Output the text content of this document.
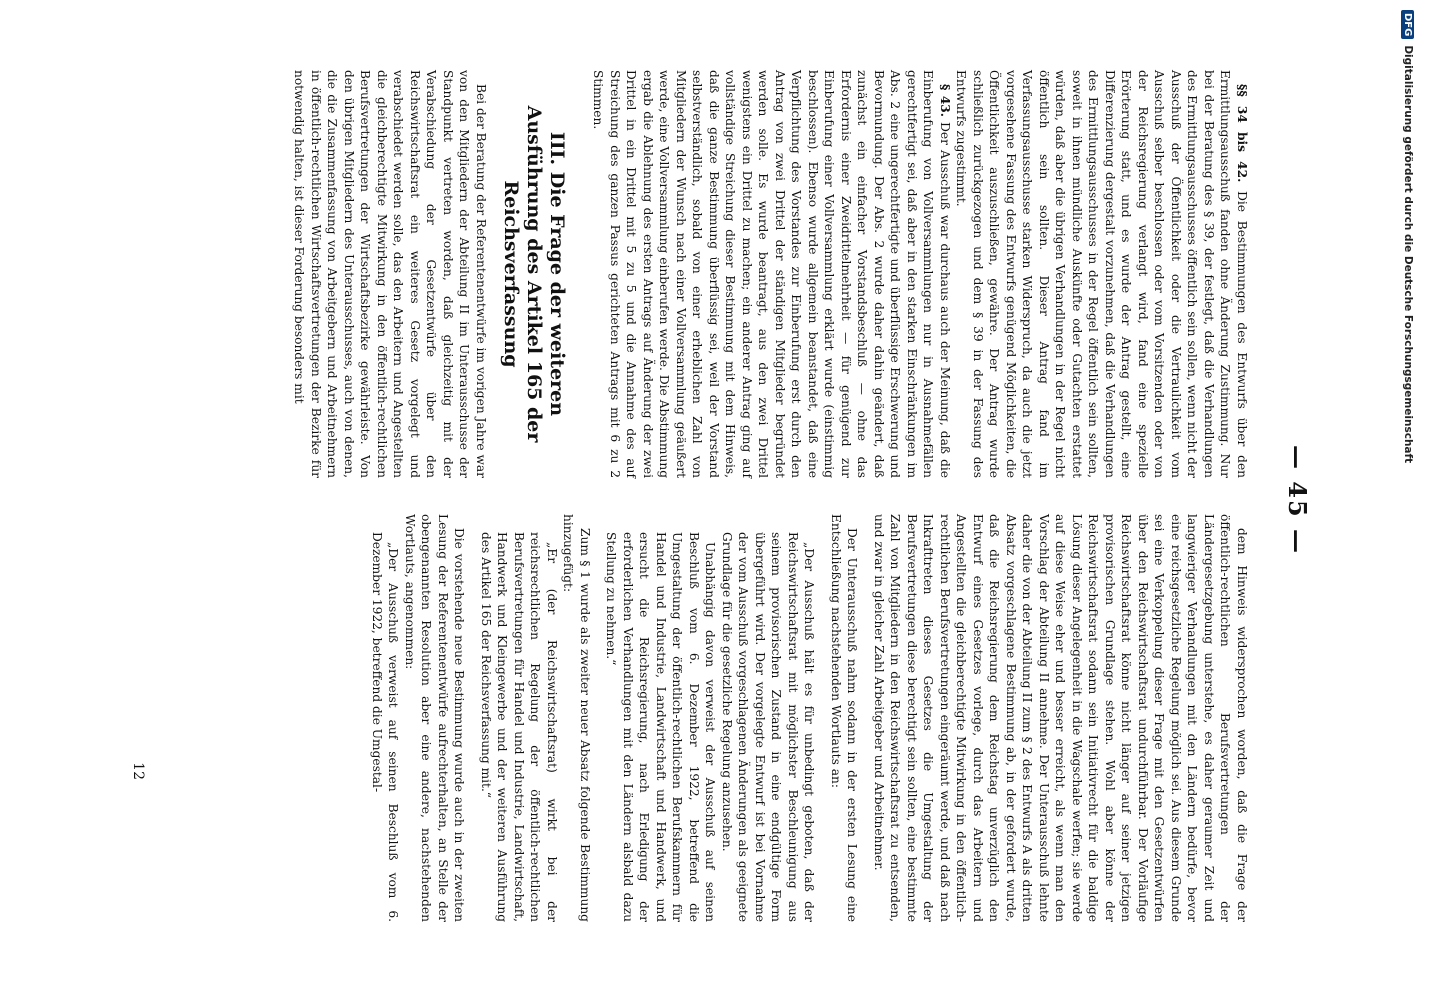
— 45 —

§§ 34 bis 42. Die Bestimmungen des Entwurfs über den Ermittlungsausschuß fanden ohne Änderung Zustimmung. Nur bei der Beratung des § 39, der festlegt, daß die Verhandlungen des Ermittlungsausschusses öffentlich sein sollen, wenn nicht der Ausschuß der Öffentlichkeit oder die Vertraulichkeit vom Ausschuß selber beschlossen oder vom Vorsitzenden oder von der Reichsregierung verlangt wird, fand eine spezielle Erörterung statt, und es wurde der Antrag gestellt, eine Differenzierung dergestalt vorzunehmen, daß die Verhandlungen des Ermittlungsausschusses in der Regel öffentlich sein sollten, soweit in ihnen mündliche Auskünfte oder Gutachten erstattet würden, daß aber die übrigen Verhandlungen in der Regel nicht öffentlich sein sollten. Dieser Antrag fand im Verfassungsausschusse starken Widerspruch, da auch die jetzt vorgesehene Fassung des Entwurfs genügend Möglichkeiten, die Öffentlichkeit auszuschließen, gewähre. Der Antrag wurde schließlich zurückgezogen und dem § 39 in der Fassung des Entwurfs zugestimmt.

§ 43. Der Ausschuß war durchaus auch der Meinung, daß die Einberufung von Vollversammlungen nur in Ausnahmefällen gerechtfertigt sei, daß aber in den starken Einschränkungen im Abs. 2 eine ungerechtfertigte und überflüssige Erschwerung und Bevormundung. Der Abs. 2 wurde daher dahin geändert, daß zunächst ein einfacher Vorstandsbeschluß — ohne das Erfordernis einer Zweidrittelmehrheit — für genügend zur Einberufung einer Vollversammlung erklärt wurde (einstimmig beschlossen). Ebenso wurde allgemein beanstandet, daß eine Verpflichtung des Vorstandes zur Einberufung erst durch den Antrag von zwei Drittel der ständigen Mitglieder begründet werden solle. Es wurde beantragt, aus den zwei Drittel wenigstens ein Drittel zu machen; ein anderer Antrag ging auf vollständige Streichung dieser Bestimmung mit dem Hinweis, daß die ganze Bestimmung überflüssig sei, weil der Vorstand selbstverständlich, sobald von einer erheblichen Zahl von Mitgliedern der Wunsch nach einer Vollversammlung geäußert werde, eine Vollversammlung einberufen werde. Die Abstimmung ergab die Ablehnung des ersten Antrags auf Änderung der zwei Drittel in ein Drittel mit 5 zu 5 und die Annahme des auf Streichung des ganzen Passus gerichteten Antrags mit 6 zu 2 Stimmen.

III. Die Frage der weiteren Ausführung des Artikel 165 der Reichsverfassung

Bei der Beratung der Referentenentwürfe im vorigen Jahre war von den Mitgliedern der Abteilung II im Unterausschusse der Standpunkt vertreten worden, daß gleichzeitig mit der Verabschiedung der Gesetzentwürfe über den Reichswirtschaftsrat ein weiteres Gesetz vorgelegt und verabschiedet werden solle, das den Arbeitern und Angestellten die gleichberechtigte Mitwirkung in den öffentlich-rechtlichen Berufsvertretungen der Wirtschaftsbezirke gewährleiste. Von den übrigen Mitgliedern des Unterausschusses, auch von denen, die die Zusammenfassung von Arbeitgebern und Arbeitnehmern in öffentlich-rechtlichen Wirtschaftsvertretungen der Bezirke für notwendig halten, ist dieser Forderung besonders mit

dem Hinweis widersprochen worden, daß die Frage der öffentlich-rechtlichen Berufsvertretungen der Ländergesetzgebung unterstehe, es daher geraumer Zeit und langwieriger Verhandlungen mit den Ländern bedürfe, bevor eine reichsgesetzliche Regelung möglich sei. Aus diesem Grunde sei eine Verkoppelung dieser Frage mit den Gesetzentwürfen über den Reichswirtschaftsrat undurchführbar. Der Vorläufige Reichswirtschaftsrat könne nicht länger auf seiner jetzigen provisorischen Grundlage stehen. Wohl aber könne der Reichswirtschaftsrat sodann sein Initiativrecht für die baldige Lösung dieser Angelegenheit in die Wagschale werfen; sie werde auf diese Weise eher und besser erreicht, als wenn man den Vorschlag der Abteilung II annehme. Der Unterausschuß lehnte daher die von der Abteilung II zum § 2 des Entwurfs A als dritten Absatz vorgeschlagene Bestimmung ab, in der gefordert wurde, daß die Reichsregierung dem Reichstag unverzüglich den Entwurf eines Gesetzes vorlege, durch das Arbeitern und Angestellten die gleichberechtigte Mitwirkung in den öffentlich-rechtlichen Berufsvertretungen eingeräumt werde, und daß nach Inkrafttreten dieses Gesetzes die Umgestaltung der Berufsvertretungen diese berechtigt sein sollten, eine bestimmte Zahl von Mitgliedern in den Reichswirtschaftsrat zu entsenden, und zwar in gleicher Zahl Arbeitgeber und Arbeitnehmer.

Der Unterausschuß nahm sodann in der ersten Lesung eine Entschließung nachstehenden Wortlauts an:

„Der Ausschuß hält es für unbedingt geboten, daß der Reichswirtschaftsrat mit möglichster Beschleunigung aus seinem provisorischen Zustand in eine endgültige Form übergeführt wird. Der vorgelegte Entwurf ist bei Vornahme der vom Ausschuß vorgeschlagenen Änderungen als geeignete Grundlage für die gesetzliche Regelung anzusehen.

Unabhängig davon verweist der Ausschuß auf seinen Beschluß vom 6. Dezember 1922, betreffend die Umgestaltung der öffentlich-rechtlichen Berufskammern für Handel und Industrie, Landwirtschaft und Handwerk, und ersucht die Reichsregierung, nach Erledigung der erforderlichen Verhandlungen mit den Ländern alsbald dazu Stellung zu nehmen.“

Zum § 1 wurde als zweiter neuer Absatz folgende Bestimmung hinzugefügt:

„Er (der Reichswirtschaftsrat) wirkt bei der reichsrechtlichen Regelung der öffentlich-rechtlichen Berufsvertretungen für Handel und Industrie, Landwirtschaft, Handwerk und Kleingewerbe und der weiteren Ausführung des Artikel 165 der Reichsverfassung mit.“

Die vorstehende neue Bestimmung wurde auch in der zweiten Lesung der Referentenentwürfe aufrechterhalten, an Stelle der obengenannten Resolution aber eine andere, nachstehenden Wortlauts, angenommen:

„Der Ausschuß verweist auf seinen Beschluß vom 6. Dezember 1922, betreffend die Umgestal-

12
DFG
Digitalisierung gefördert durch die Deutsche Forschungsgemeinschaft
